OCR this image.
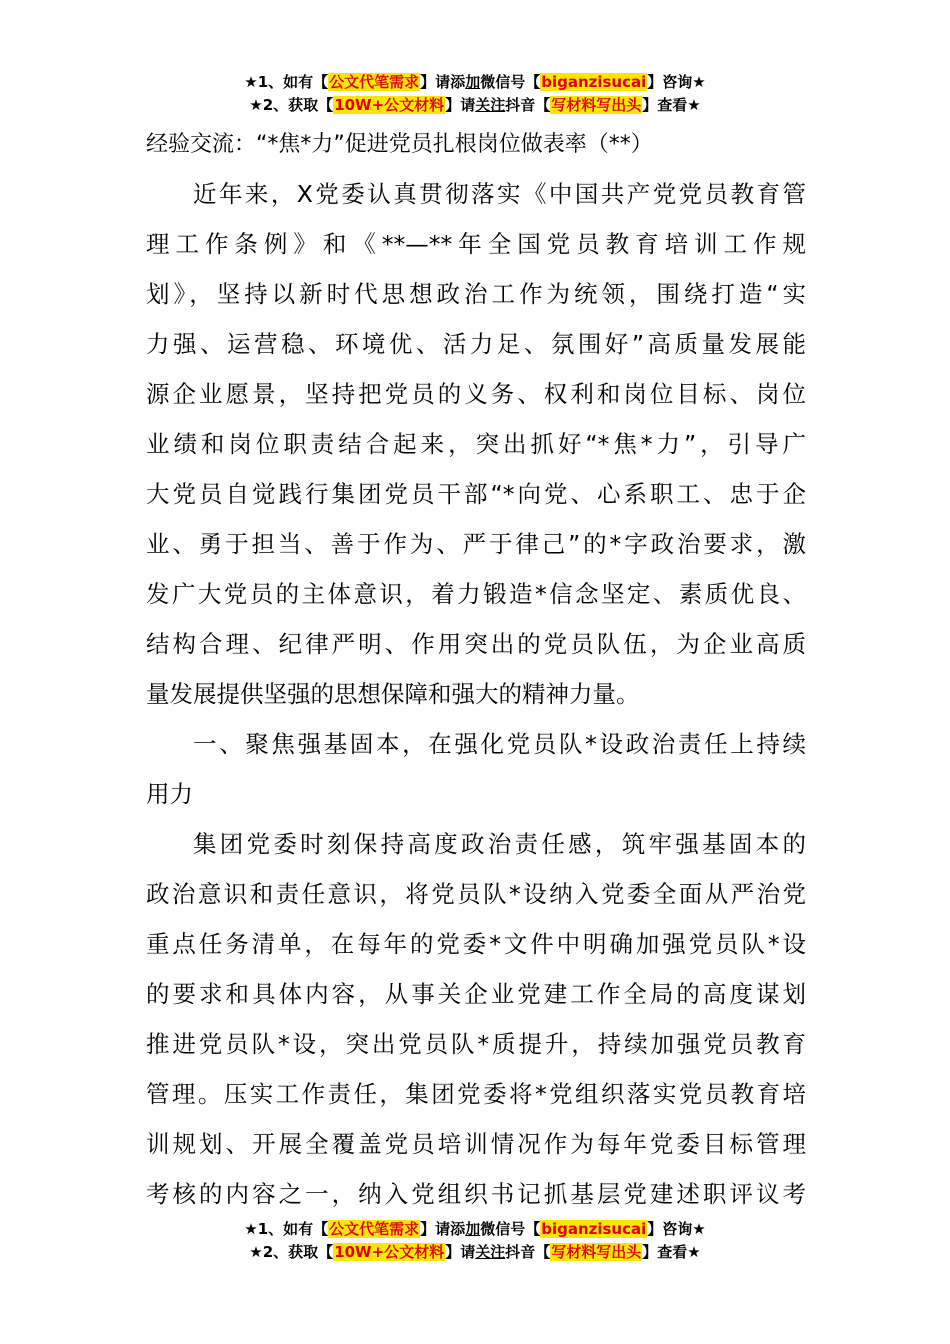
★1、如有【公文代笔需求】请添加微信号【biganzisucai】咨询★
★2、获取【10W+公文材料】请关注抖音【写材料写出头】查看★
经验交流：“*焦*力”促进党员扎根岗位做表率（**）
近年来，X党委认真贯彻落实《中国共产党党员教育管
理工作条例》和《**—**年全国党员教育培训工作规
划》，坚持以新时代思想政治工作为统领，围绕打造“实
力强、运营稳、环境优、活力足、氛围好”高质量发展能
源企业愿景，坚持把党员的义务、权利和岗位目标、岗位
业绩和岗位职责结合起来，突出抓好“*焦*力”，引导广
大党员自觉践行集团党员干部“*向党、心系职工、忠于企
业、勇于担当、善于作为、严于律己”的*字政治要求，激
发广大党员的主体意识，着力锻造*信念坚定、素质优良、
结构合理、纪律严明、作用突出的党员队伍，为企业高质
量发展提供坚强的思想保障和强大的精神力量。
一、聚焦强基固本，在强化党员队*设政治责任上持续
用力
集团党委时刻保持高度政治责任感，筑牢强基固本的
政治意识和责任意识，将党员队*设纳入党委全面从严治党
重点任务清单，在每年的党委*文件中明确加强党员队*设
的要求和具体内容，从事关企业党建工作全局的高度谋划
推进党员队*设，突出党员队*质提升，持续加强党员教育
管理。压实工作责任，集团党委将*党组织落实党员教育培
训规划、开展全覆盖党员培训情况作为每年党委目标管理
考核的内容之一，纳入党组织书记抓基层党建述职评议考
★1、如有【公文代笔需求】请添加微信号【biganzisucai】咨询★
★2、获取【10W+公文材料】请关注抖音【写材料写出头】查看★
